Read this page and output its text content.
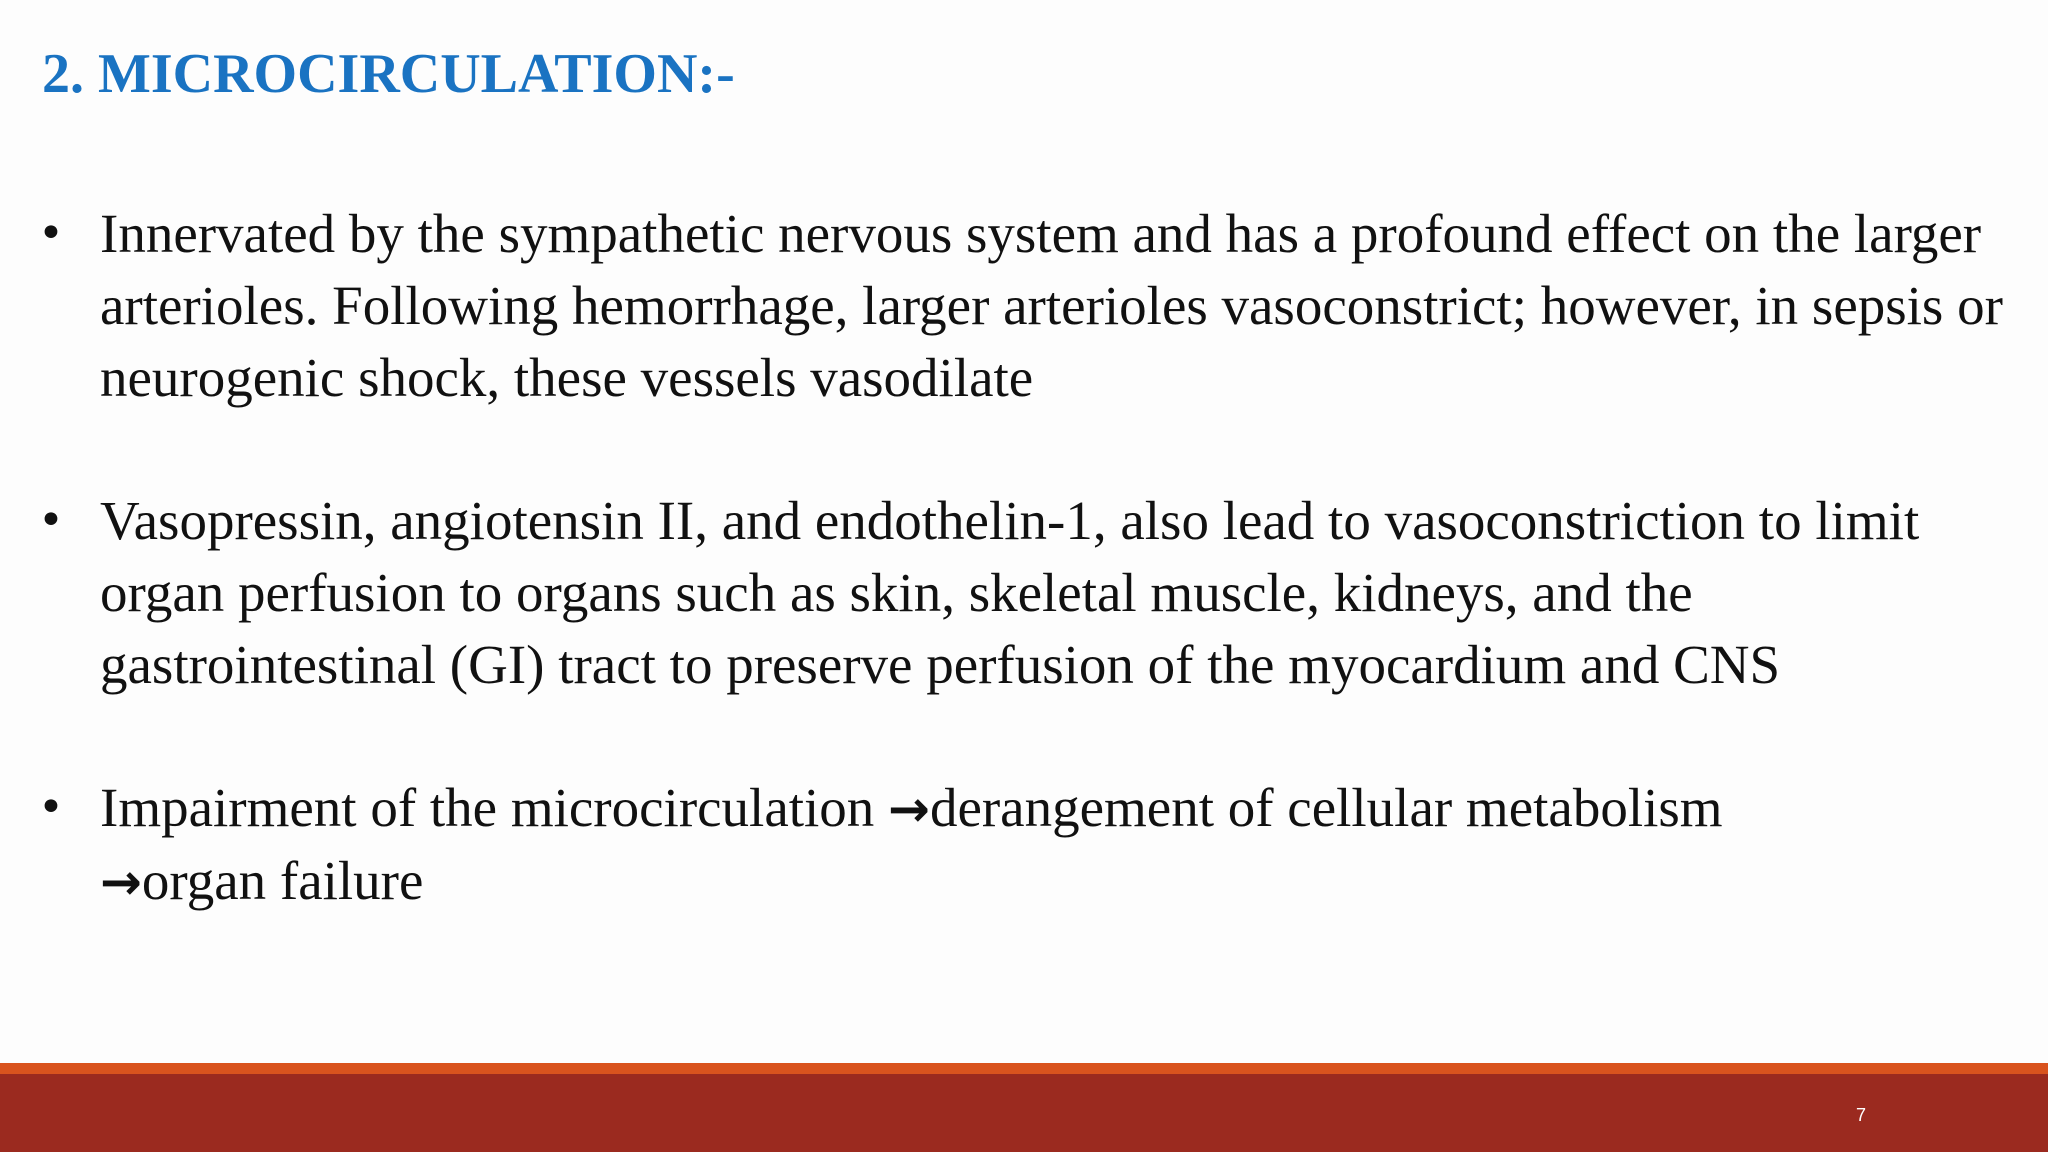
2. MICROCIRCULATION:-
• Innervated by the sympathetic nervous system and has a profound effect on the larger arterioles. Following hemorrhage, larger arterioles vasoconstrict; however, in sepsis or neurogenic shock, these vessels vasodilate
• Vasopressin, angiotensin II, and endothelin-1, also lead to vasoconstriction to limit organ perfusion to organs such as skin, skeletal muscle, kidneys, and the gastrointestinal (GI) tract to preserve perfusion of the myocardium and CNS
• Impairment of the microcirculation →derangement of cellular metabolism
→organ failure
7
